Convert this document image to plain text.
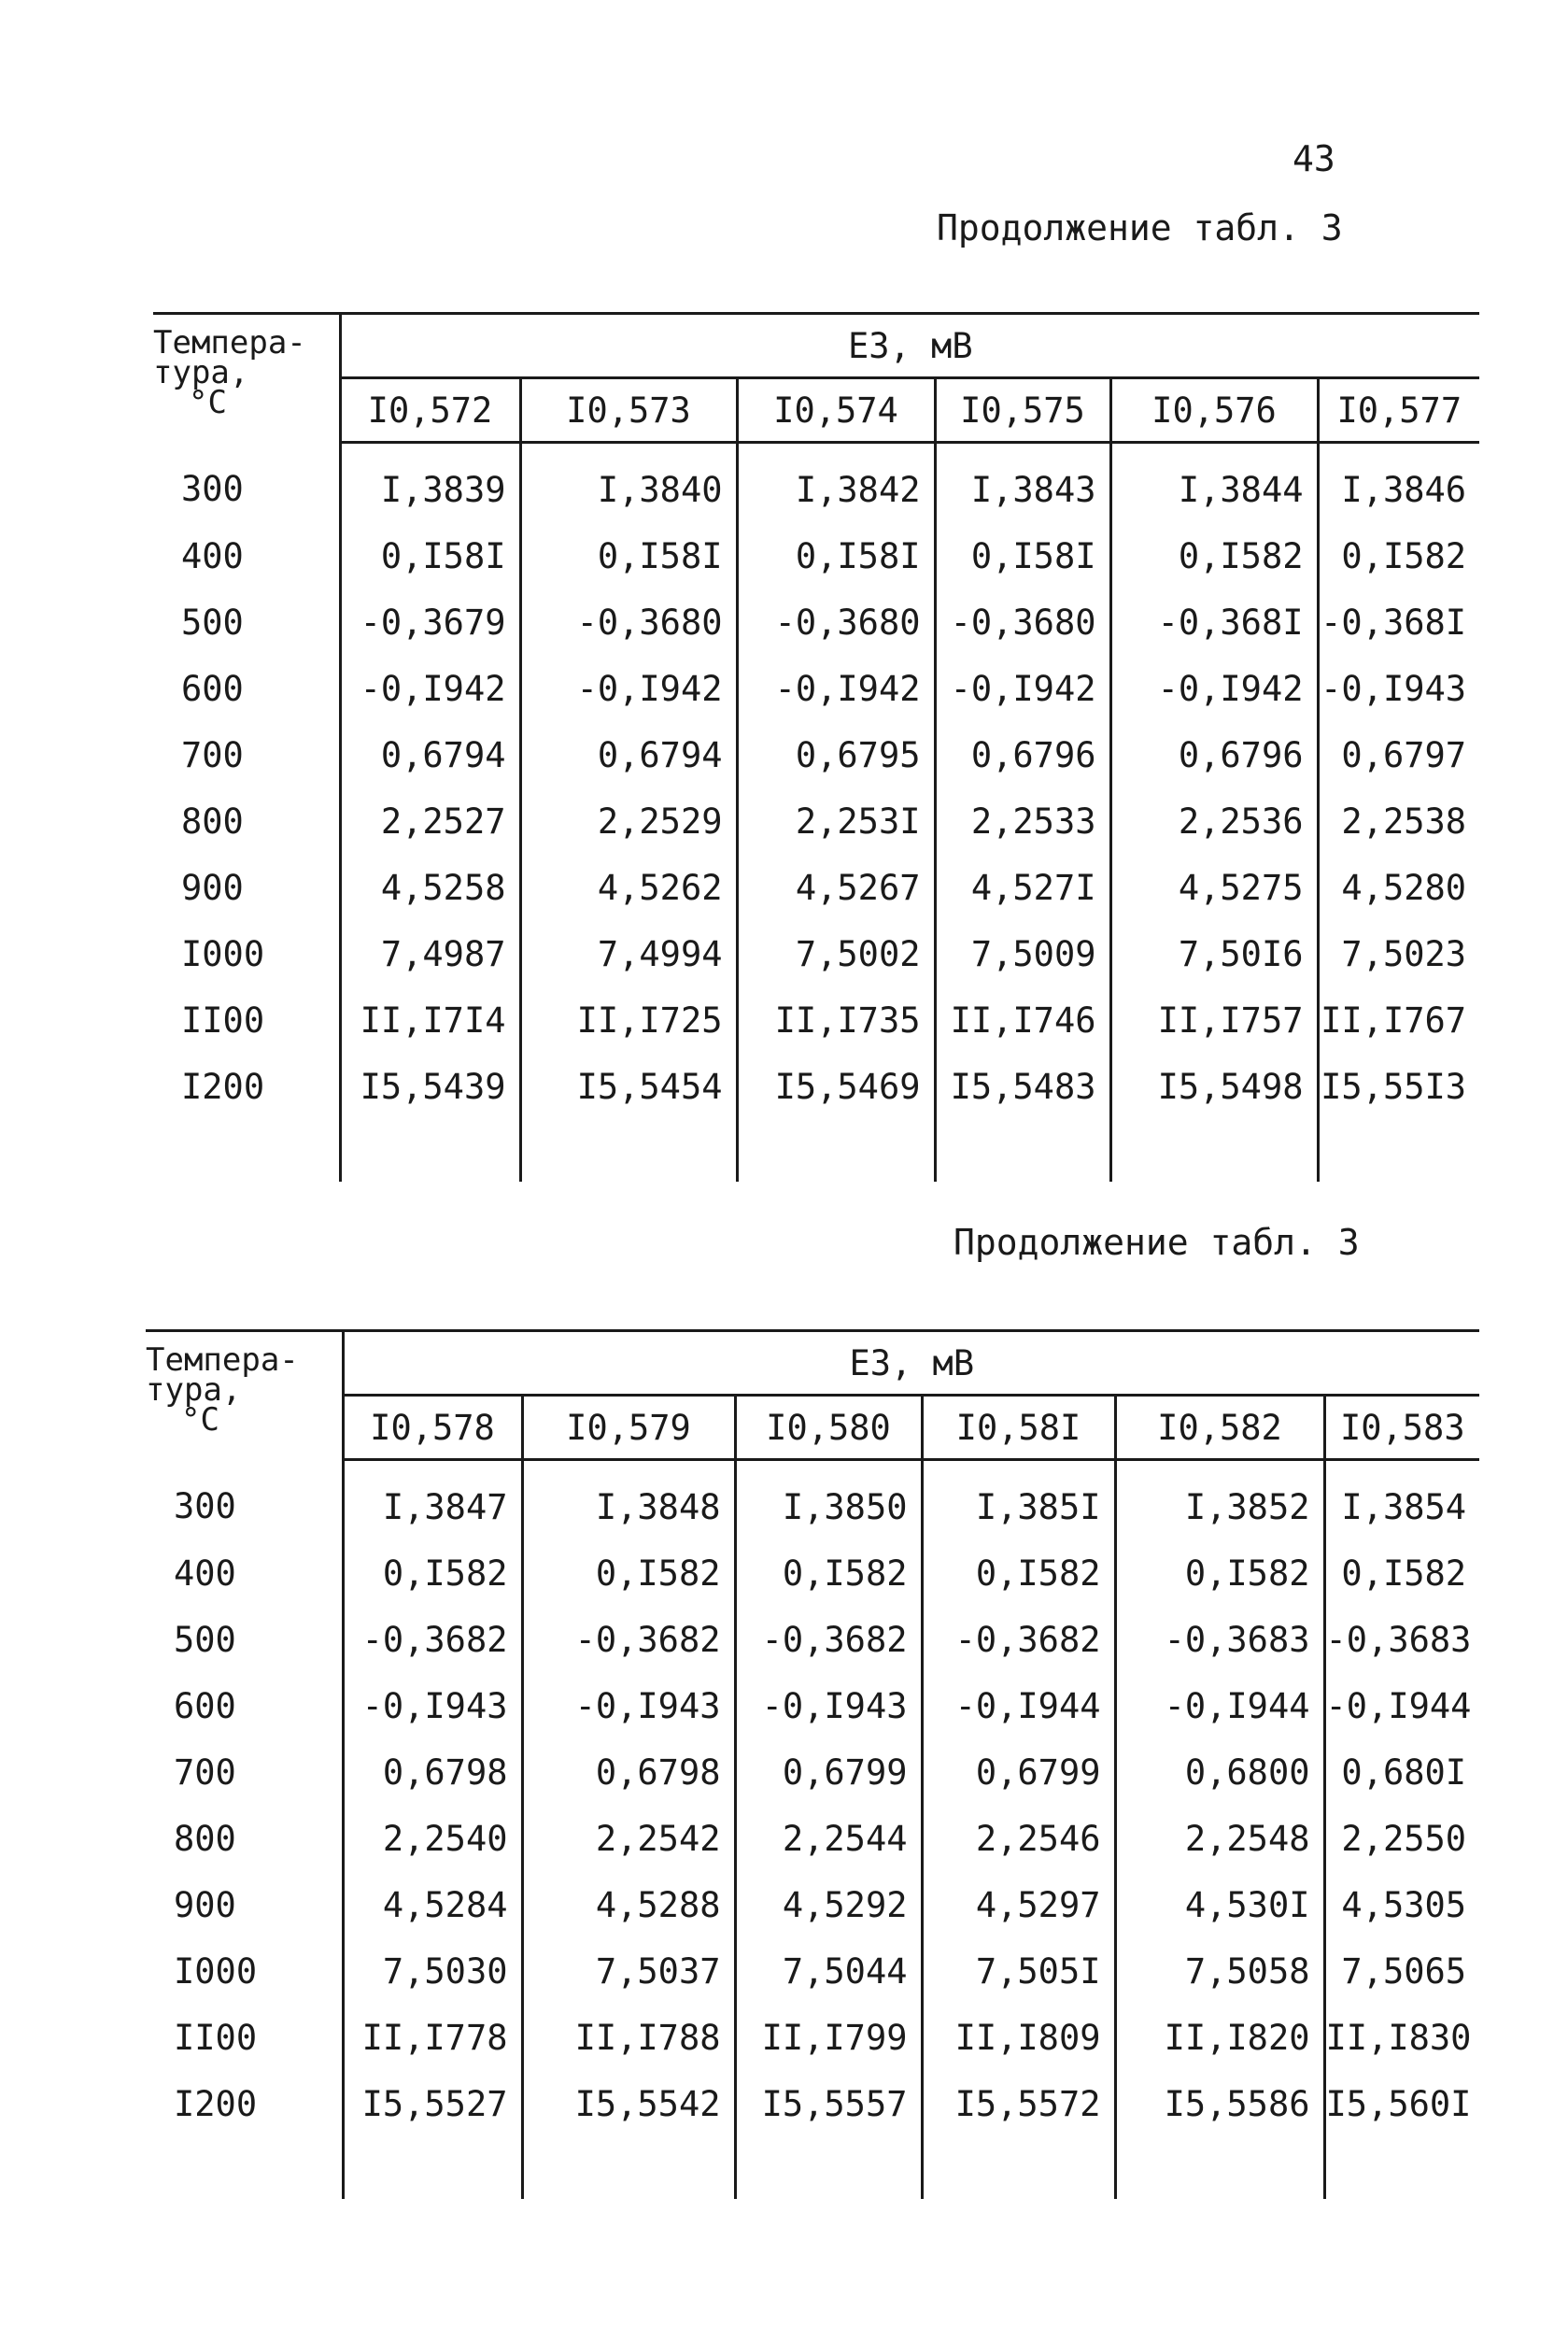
43
Продолжение табл. 3
Темпера-
тура,
°C	E3, мВ					
	I0,572	I0,573	I0,574	I0,575	I0,576	I0,577
300	I,3839	I,3840	I,3842	I,3843	I,3844	I,3846
400	0,I58I	0,I58I	0,I58I	0,I58I	0,I582	0,I582
500	-0,3679	-0,3680	-0,3680	-0,3680	-0,368I	-0,368I
600	-0,I942	-0,I942	-0,I942	-0,I942	-0,I942	-0,I943
700	0,6794	0,6794	0,6795	0,6796	0,6796	0,6797
800	2,2527	2,2529	2,253I	2,2533	2,2536	2,2538
900	4,5258	4,5262	4,5267	4,527I	4,5275	4,5280
I000	7,4987	7,4994	7,5002	7,5009	7,50I6	7,5023
II00	II,I7I4	II,I725	II,I735	II,I746	II,I757	II,I767
I200	I5,5439	I5,5454	I5,5469	I5,5483	I5,5498	I5,55I3

Продолжение табл. 3
Темпера-
тура,
°C	E3, мВ					
	I0,578	I0,579	I0,580	I0,58I	I0,582	I0,583
300	I,3847	I,3848	I,3850	I,385I	I,3852	I,3854
400	0,I582	0,I582	0,I582	0,I582	0,I582	0,I582
500	-0,3682	-0,3682	-0,3682	-0,3682	-0,3683	-0,3683
600	-0,I943	-0,I943	-0,I943	-0,I944	-0,I944	-0,I944
700	0,6798	0,6798	0,6799	0,6799	0,6800	0,680I
800	2,2540	2,2542	2,2544	2,2546	2,2548	2,2550
900	4,5284	4,5288	4,5292	4,5297	4,530I	4,5305
I000	7,5030	7,5037	7,5044	7,505I	7,5058	7,5065
II00	II,I778	II,I788	II,I799	II,I809	II,I820	II,I830
I200	I5,5527	I5,5542	I5,5557	I5,5572	I5,5586	I5,560I
